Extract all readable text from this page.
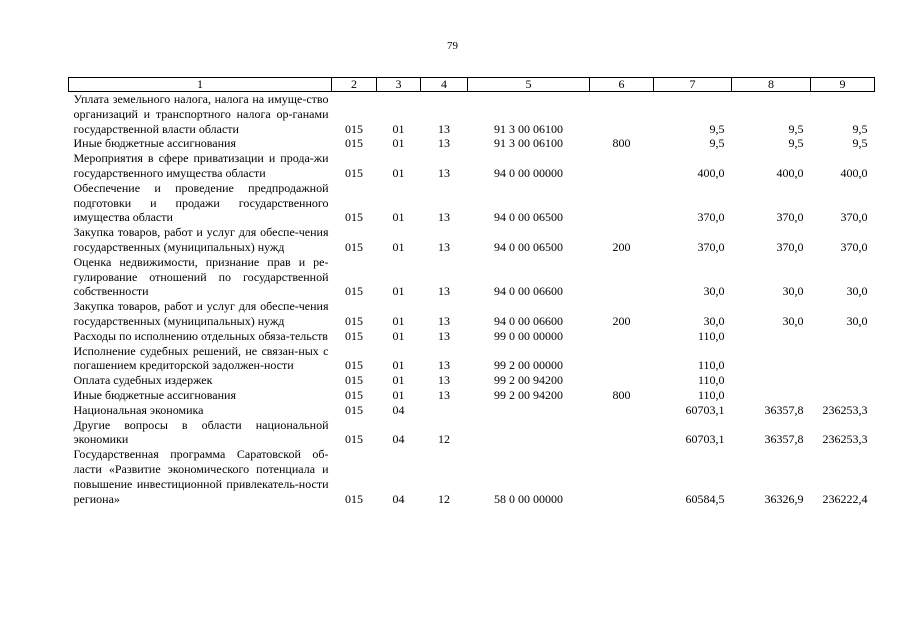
79
1	2	3	4	5	6	7	8	9
Уплата земельного налога, налога на имуще-ство организаций и транспортного налога ор-ганами государственной власти области	015	01	13	91 3 00 06100		9,5	9,5	9,5
Иные бюджетные ассигнования	015	01	13	91 3 00 06100	800	9,5	9,5	9,5
Мероприятия в сфере приватизации и прода-жи государственного имущества области	015	01	13	94 0 00 00000		400,0	400,0	400,0
Обеспечение и проведение предпродажной подготовки и продажи государственного имущества области	015	01	13	94 0 00 06500		370,0	370,0	370,0
Закупка товаров, работ и услуг для обеспе-чения государственных (муниципальных) нужд	015	01	13	94 0 00 06500	200	370,0	370,0	370,0
Оценка недвижимости, признание прав и ре-гулирование отношений по государственной собственности	015	01	13	94 0 00 06600		30,0	30,0	30,0
Закупка товаров, работ и услуг для обеспе-чения государственных (муниципальных) нужд	015	01	13	94 0 00 06600	200	30,0	30,0	30,0
Расходы по исполнению отдельных обяза-тельств	015	01	13	99 0 00 00000		110,0		
Исполнение судебных решений, не связан-ных с погашением кредиторской задолжен-ности	015	01	13	99 2 00 00000		110,0		
Оплата судебных издержек	015	01	13	99 2 00 94200		110,0		
Иные бюджетные ассигнования	015	01	13	99 2 00 94200	800	110,0		
Национальная экономика	015	04				60703,1	36357,8	236253,3
Другие вопросы в области национальной экономики	015	04	12			60703,1	36357,8	236253,3
Государственная программа Саратовской об-ласти «Развитие экономического потенциала и повышение инвестиционной привлекатель-ности региона»	015	04	12	58 0 00 00000		60584,5	36326,9	236222,4
